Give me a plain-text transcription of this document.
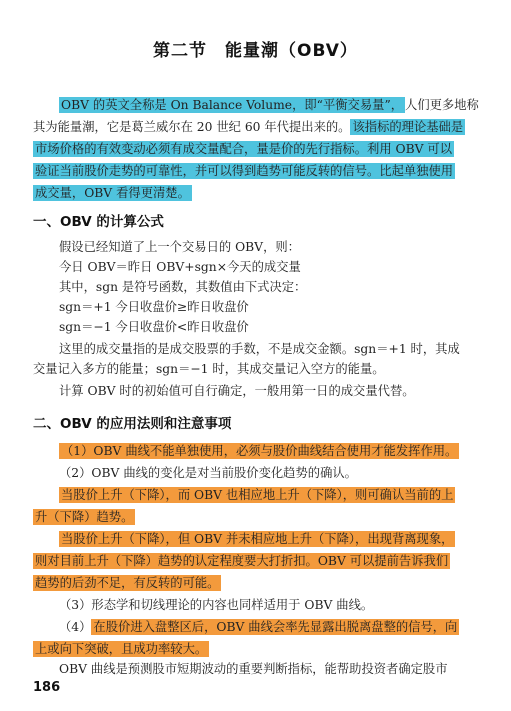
第二节　能量潮（OBV）
OBV 的英文全称是 On Balance Volume，即“平衡交易量”， 人们更多地称
其为能量潮，它是葛兰威尔在 20 世纪 60 年代提出来的。 该指标的理论基础是
市场价格的有效变动必须有成交量配合，量是价的先行指标。利用 OBV 可以
验证当前股价走势的可靠性，并可以得到趋势可能反转的信号。比起单独使用
成交量，OBV 看得更清楚。
一、OBV 的计算公式
假设已经知道了上一个交易日的 OBV，则：
今日 OBV＝昨日 OBV+sgn×今天的成交量
其中，sgn 是符号函数，其数值由下式决定：
sgn＝+1 今日收盘价≥昨日收盘价
sgn＝−1 今日收盘价<昨日收盘价
这里的成交量指的是成交股票的手数，不是成交金额。sgn＝+1 时，其成
交量记入多方的能量；sgn＝−1 时，其成交量记入空方的能量。
计算 OBV 时的初始值可自行确定，一般用第一日的成交量代替。
二、OBV 的应用法则和注意事项
（1）OBV 曲线不能单独使用，必须与股价曲线结合使用才能发挥作用。
（2）OBV 曲线的变化是对当前股价变化趋势的确认。
当股价上升（下降），而 OBV 也相应地上升（下降），则可确认当前的上
升（下降）趋势。
当股价上升（下降），但 OBV 并未相应地上升（下降），出现背离现象，
则对目前上升（下降）趋势的认定程度要大打折扣。OBV 可以提前告诉我们
趋势的后劲不足，有反转的可能。
（3）形态学和切线理论的内容也同样适用于 OBV 曲线。
（4） 在股价进入盘整区后，OBV 曲线会率先显露出脱离盘整的信号，向
上或向下突破，且成功率较大。
OBV 曲线是预测股市短期波动的重要判断指标，能帮助投资者确定股市
186
